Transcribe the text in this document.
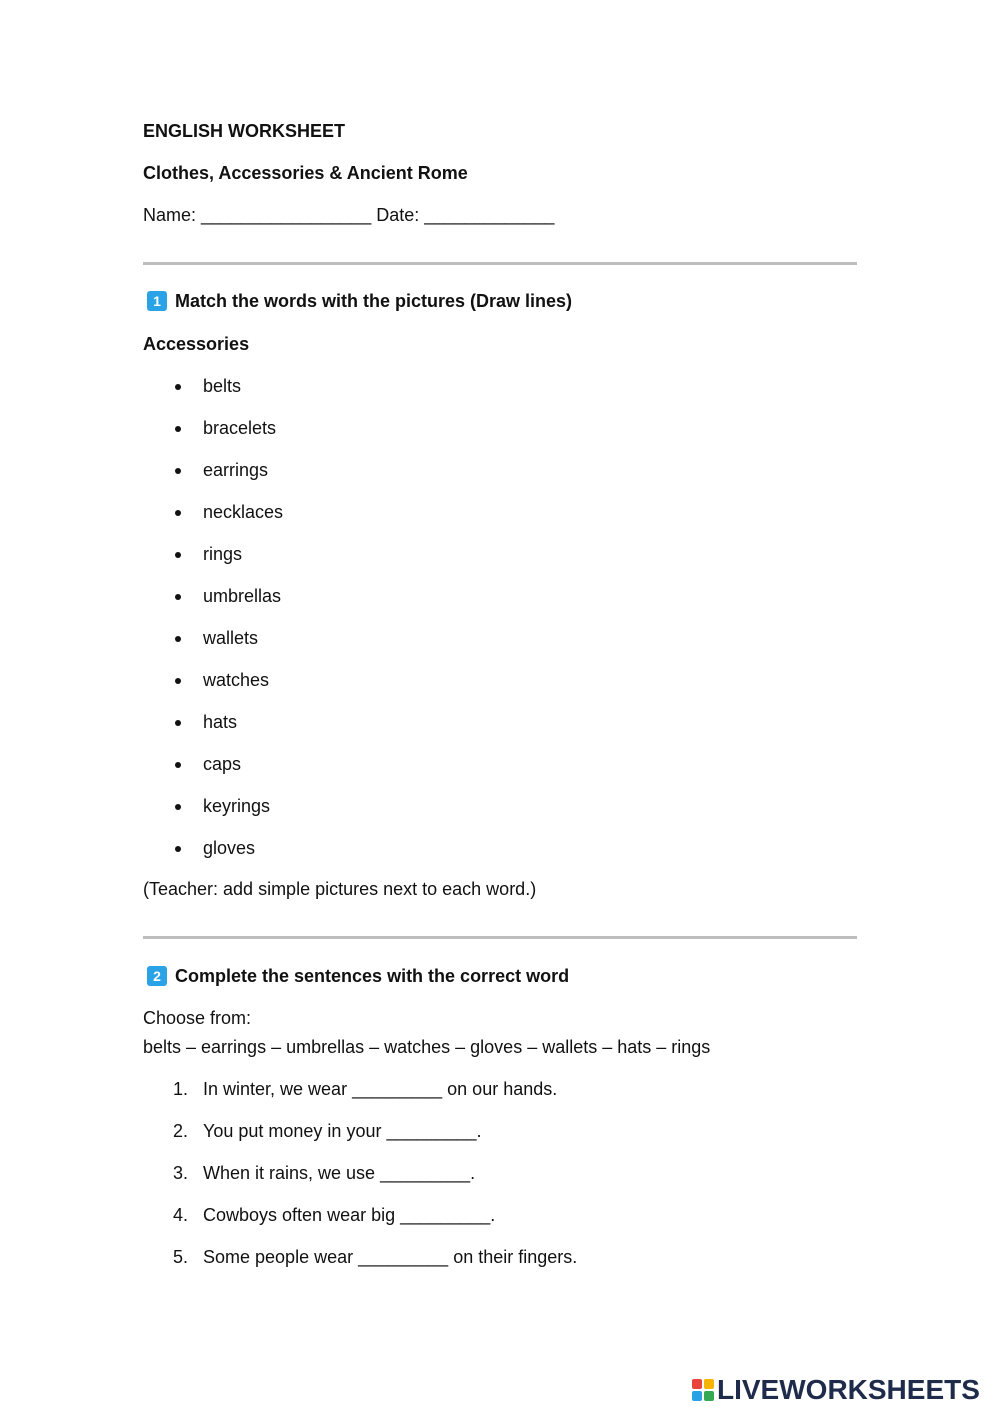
ENGLISH WORKSHEET
Clothes, Accessories & Ancient Rome
Name: _________________ Date: _____________
1 Match the words with the pictures (Draw lines)
Accessories
belts
bracelets
earrings
necklaces
rings
umbrellas
wallets
watches
hats
caps
keyrings
gloves
(Teacher: add simple pictures next to each word.)
2 Complete the sentences with the correct word
Choose from:
belts – earrings – umbrellas – watches – gloves – wallets – hats – rings
1. In winter, we wear _________ on our hands.
2. You put money in your _________.
3. When it rains, we use _________.
4. Cowboys often wear big _________.
5. Some people wear _________ on their fingers.
LIVEWORKSHEETS
